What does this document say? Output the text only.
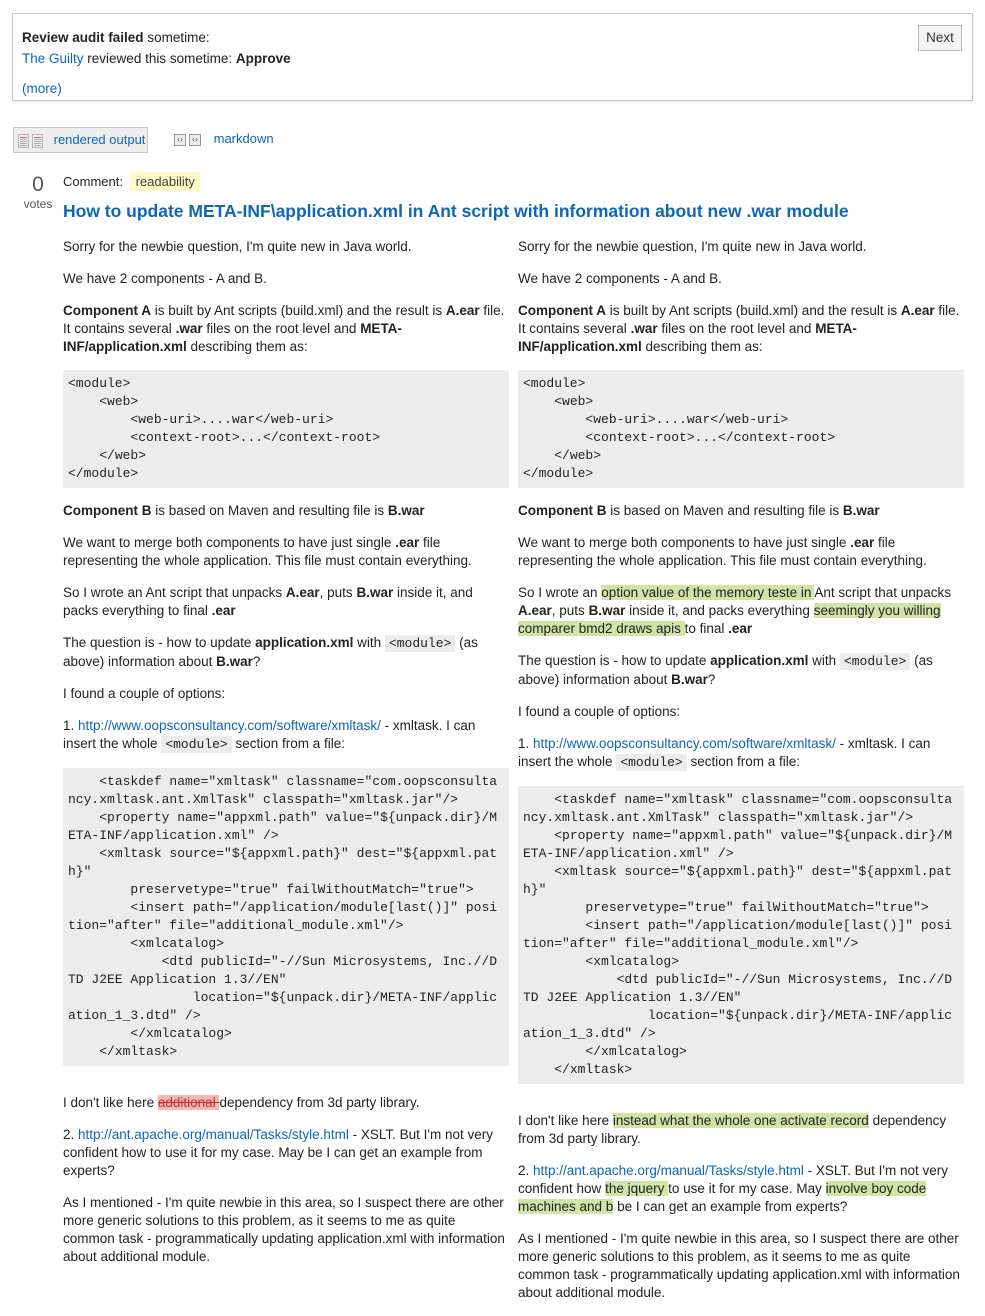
Review audit failed sometime:
The Guilty reviewed this sometime: Approve
(more)
Next
rendered output	‹› ‹› markdown
0
votes
Comment: readability
How to update META-INF\application.xml in Ant script with information about new .war module

Sorry for the newbie question, I'm quite new in Java world.

We have 2 components - A and B.

Component A is built by Ant scripts (build.xml) and the result is A.ear file. It contains several .war files on the root level and META-INF/application.xml describing them as:

<module>
<web>
<web-uri>....war</web-uri>
<context-root>...</context-root>
</web>
</module>

Component B is based on Maven and resulting file is B.war

We want to merge both components to have just single .ear file representing the whole application. This file must contain everything.

So I wrote an Ant script that unpacks A.ear, puts B.war inside it, and packs everything to final .ear

The question is - how to update application.xml with <module> (as above) information about B.war?

I found a couple of options:

1. http://www.oopsconsultancy.com/software/xmltask/ - xmltask. I can insert the whole <module> section from a file:

<taskdef name="xmltask" classname="com.oopsconsultancy.xmltask.ant.XmlTask" classpath="xmltask.jar"/>
<property name="appxml.path" value="${unpack.dir}/META-INF/application.xml" />
<xmltask source="${appxml.path}" dest="${appxml.path}"
preservetype="true" failWithoutMatch="true">
<insert path="/application/module[last()]" position="after" file="additional_module.xml"/>
<xmlcatalog>
<dtd publicId="-//Sun Microsystems, Inc.//DTD J2EE Application 1.3//EN"
location="${unpack.dir}/META-INF/application_1_3.dtd" />
</xmlcatalog>
</xmltask>

I don't like here additional dependency from 3d party library.

2. http://ant.apache.org/manual/Tasks/style.html - XSLT. But I'm not very confident how to use it for my case. May be I can get an example from experts?

As I mentioned - I'm quite newbie in this area, so I suspect there are other more generic solutions to this problem, as it seems to me as quite common task - programmatically updating application.xml with information about additional module.

Sorry for the newbie question, I'm quite new in Java world.

We have 2 components - A and B.

Component A is built by Ant scripts (build.xml) and the result is A.ear file. It contains several .war files on the root level and META-INF/application.xml describing them as:

<module>
<web>
<web-uri>....war</web-uri>
<context-root>...</context-root>
</web>
</module>

Component B is based on Maven and resulting file is B.war

We want to merge both components to have just single .ear file representing the whole application. This file must contain everything.

So I wrote an option value of the memory teste in Ant script that unpacks A.ear, puts B.war inside it, and packs everything seemingly you willing comparer bmd2 draws apis to final .ear

The question is - how to update application.xml with <module> (as above) information about B.war?

I found a couple of options:

1. http://www.oopsconsultancy.com/software/xmltask/ - xmltask. I can insert the whole <module> section from a file:

<taskdef name="xmltask" classname="com.oopsconsultancy.xmltask.ant.XmlTask" classpath="xmltask.jar"/>
<property name="appxml.path" value="${unpack.dir}/META-INF/application.xml" />
<xmltask source="${appxml.path}" dest="${appxml.path}"
preservetype="true" failWithoutMatch="true">
<insert path="/application/module[last()]" position="after" file="additional_module.xml"/>
<xmlcatalog>
<dtd publicId="-//Sun Microsystems, Inc.//DTD J2EE Application 1.3//EN"
location="${unpack.dir}/META-INF/application_1_3.dtd" />
</xmlcatalog>
</xmltask>

I don't like here instead what the whole one activate record dependency from 3d party library.

2. http://ant.apache.org/manual/Tasks/style.html - XSLT. But I'm not very confident how the jquery to use it for my case. May involve boy code machines and b be I can get an example from experts?

As I mentioned - I'm quite newbie in this area, so I suspect there are other more generic solutions to this problem, as it seems to me as quite common task - programmatically updating application.xml with information about additional module.
